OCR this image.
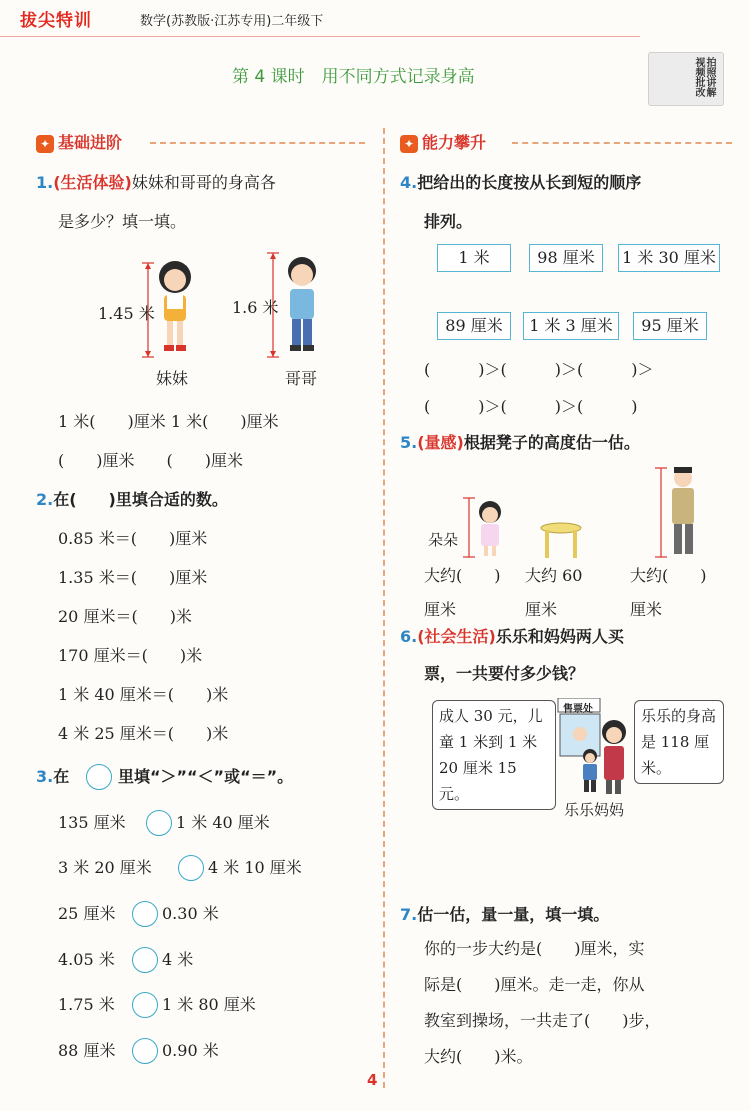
拔尖特训	数学(苏教版·江苏专用)二年级下
第 4 课时　用不同方式记录身高	拍照讲解视频批改
✦ 基础进阶	✦ 能力攀升
1.(生活体验)妹妹和哥哥的身高各
是多少？填一填。
1.45 米	1.6 米
妹妹	哥哥
1 米(　　)厘米 1 米(　　)厘米
(　　)厘米　　(　　)厘米
2.在(　　)里填合适的数。
0.85 米＝(　　)厘米
1.35 米＝(　　)厘米
20 厘米＝(　　)米
170 厘米＝(　　)米
1 米 40 厘米＝(　　)米
4 米 25 厘米＝(　　)米
3.在	里填“＞”“＜”或“＝”。
135 厘米	1 米 40 厘米
3 米 20 厘米	4 米 10 厘米
25 厘米	0.30 米
4.05 米	4 米
1.75 米	1 米 80 厘米
88 厘米	0.90 米
4.把给出的长度按从长到短的顺序
排列。
1 米	98 厘米	1 米 30 厘米
89 厘米	1 米 3 厘米	95 厘米
(　　　)＞(　　　)＞(　　　)＞
(　　　)＞(　　　)＞(　　　)
5.(量感)根据凳子的高度估一估。
朵朵
大约(　　)
厘米
大约 60
厘米
大约(　　)
厘米
6.(社会生活)乐乐和妈妈两人买
票，一共要付多少钱？
成人 30 元，儿童 1 米到 1 米 20 厘米 15 元。
乐乐的身高是 118 厘米。
售票处
乐乐妈妈
7.估一估，量一量，填一填。
你的一步大约是(　　)厘米，实
际是(　　)厘米。走一走，你从
教室到操场，一共走了(　　)步，
大约(　　)米。
4
